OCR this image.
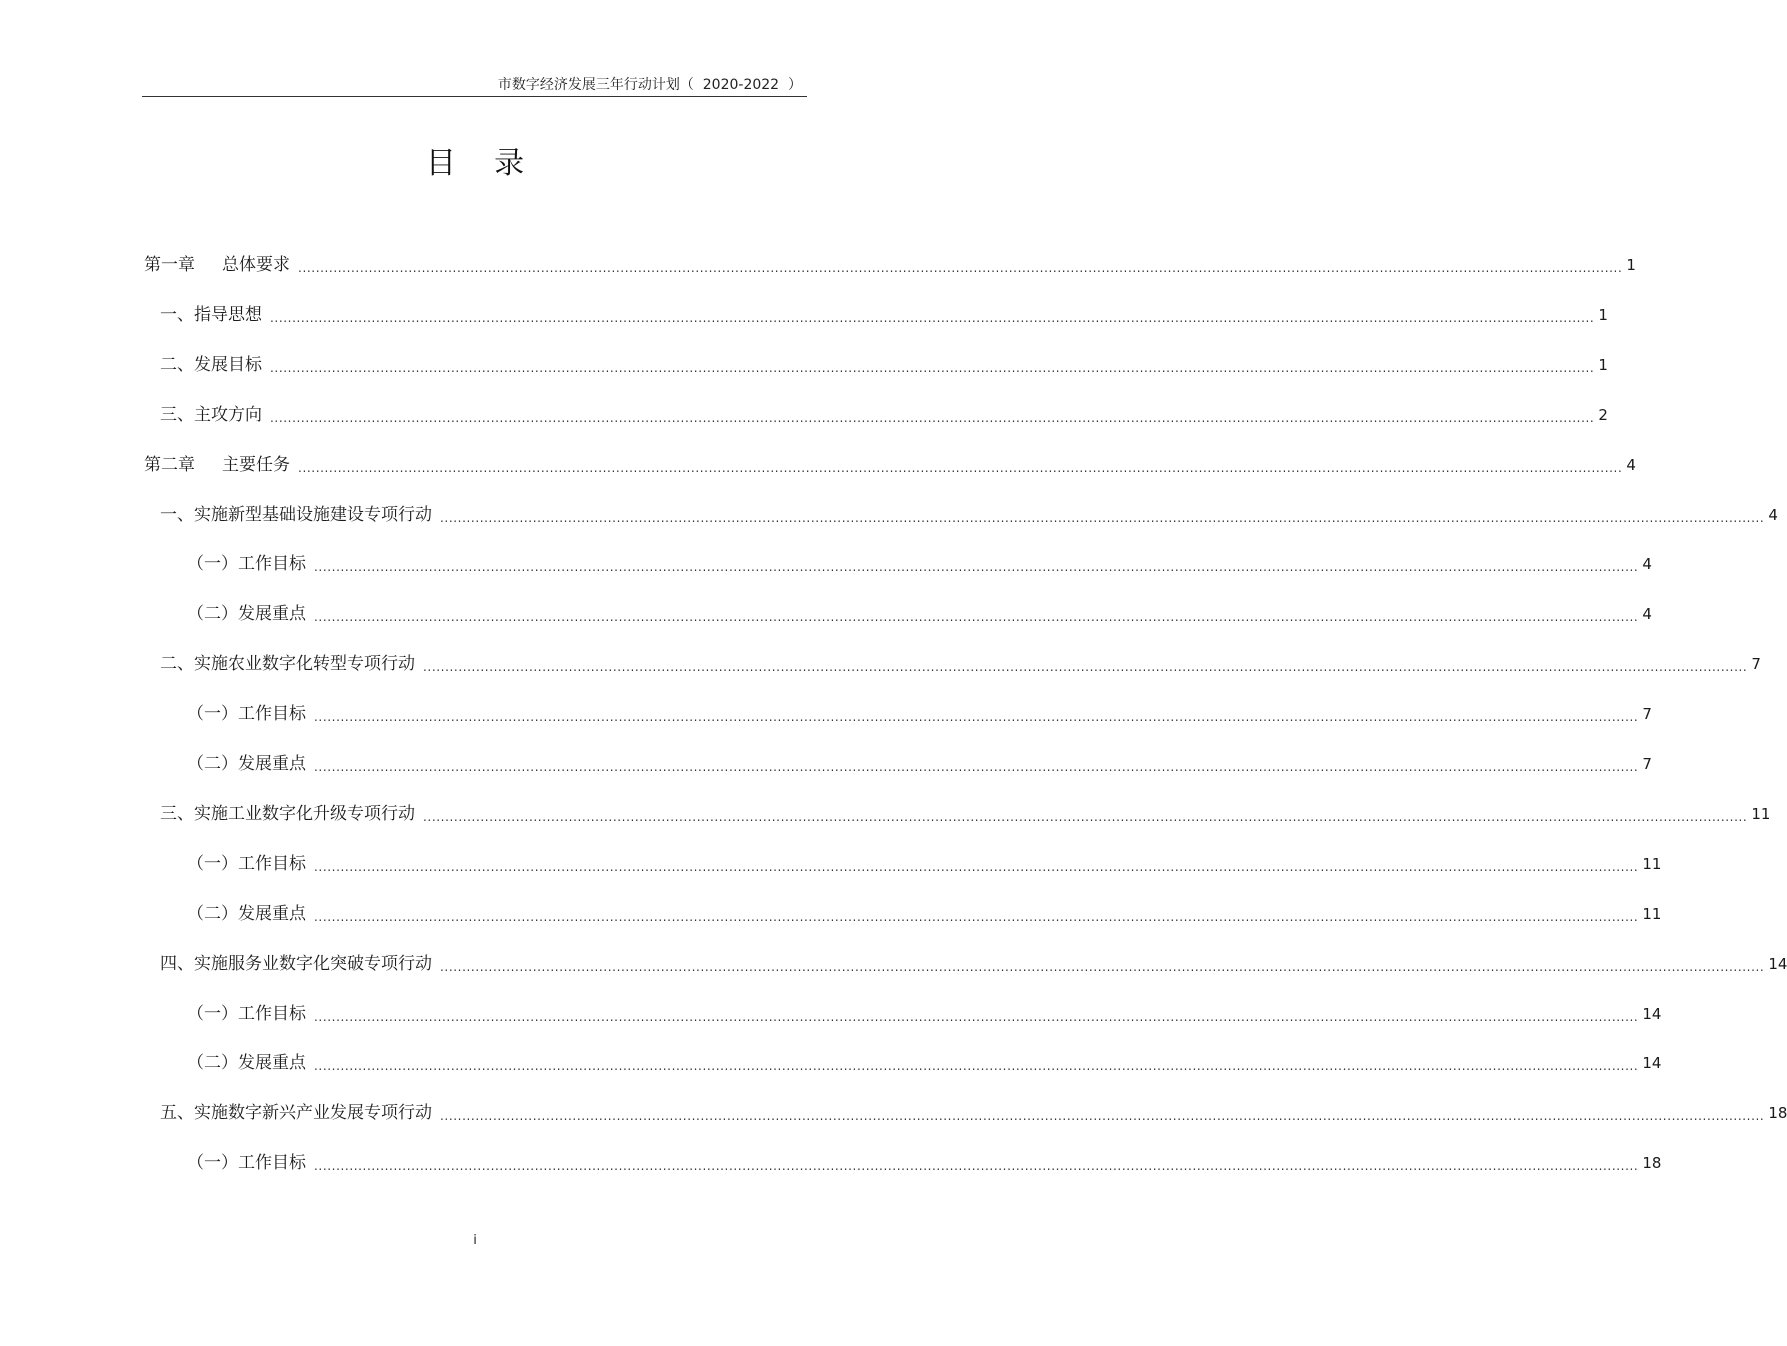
市数字经济发展三年行动计划（  2020-2022  ）
目    录
第一章     总体要求 ............................................................................................................................................................................................................................................................................................................ 1
一、指导思想 ............................................................................................................................................................................................................................................................................................................ 1
二、发展目标 ............................................................................................................................................................................................................................................................................................................ 1
三、主攻方向 ............................................................................................................................................................................................................................................................................................................ 2
第二章     主要任务 ............................................................................................................................................................................................................................................................................................................ 4
一、实施新型基础设施建设专项行动 ............................................................................................................................................................................................................................................................................................................ 4
（一）工作目标 ............................................................................................................................................................................................................................................................................................................ 4
（二）发展重点 ............................................................................................................................................................................................................................................................................................................ 4
二、实施农业数字化转型专项行动 ............................................................................................................................................................................................................................................................................................................ 7
（一）工作目标 ............................................................................................................................................................................................................................................................................................................ 7
（二）发展重点 ............................................................................................................................................................................................................................................................................................................ 7
三、实施工业数字化升级专项行动 ............................................................................................................................................................................................................................................................................................................ 11
（一）工作目标 ............................................................................................................................................................................................................................................................................................................ 11
（二）发展重点 ............................................................................................................................................................................................................................................................................................................ 11
四、实施服务业数字化突破专项行动 ............................................................................................................................................................................................................................................................................................................ 14
（一）工作目标 ............................................................................................................................................................................................................................................................................................................ 14
（二）发展重点 ............................................................................................................................................................................................................................................................................................................ 14
五、实施数字新兴产业发展专项行动 ............................................................................................................................................................................................................................................................................................................ 18
（一）工作目标 ............................................................................................................................................................................................................................................................................................................ 18
i
